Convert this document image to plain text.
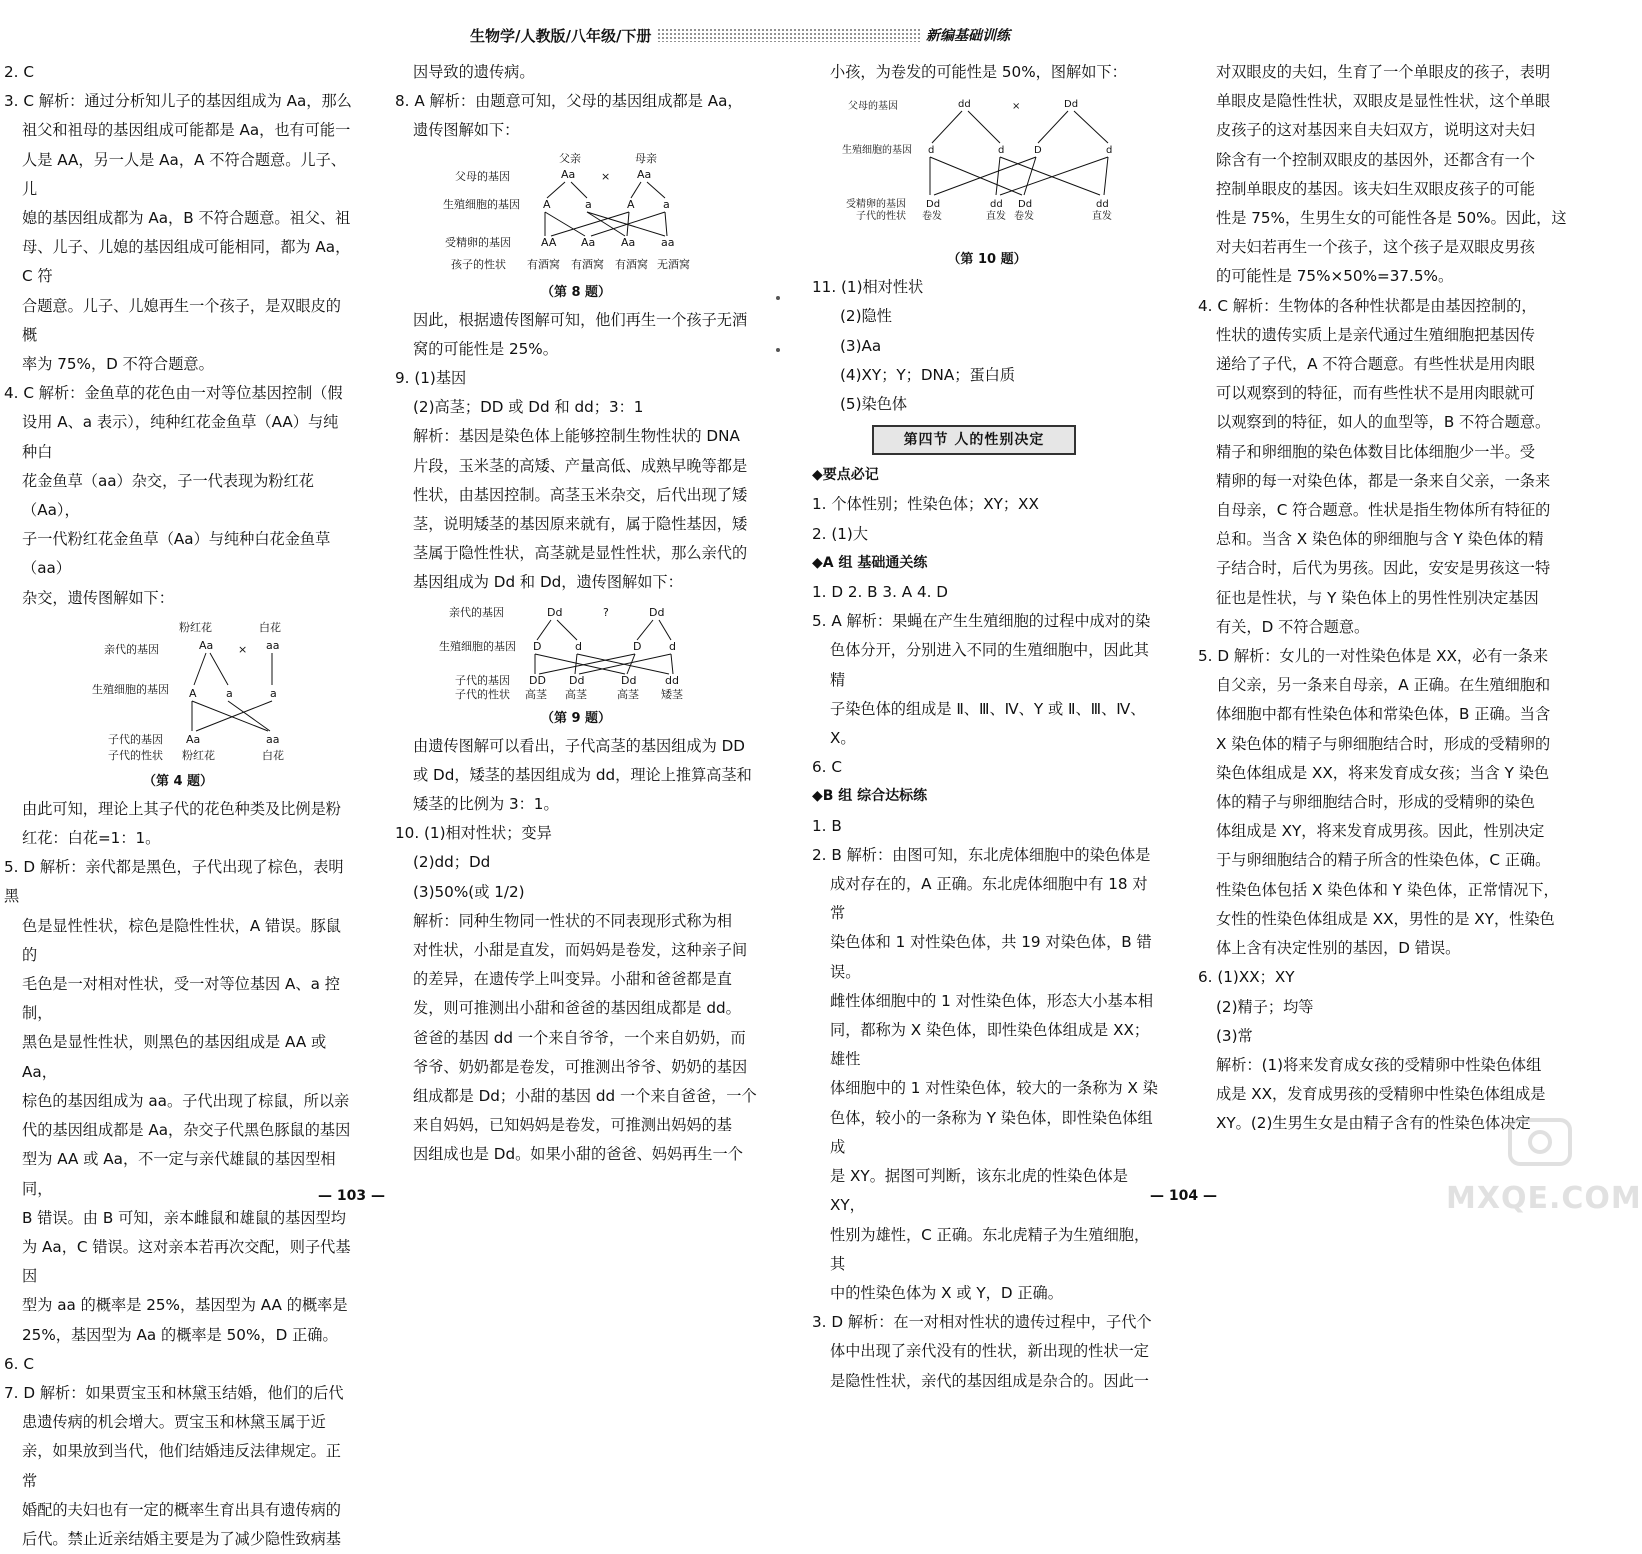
生物学/人教版/八年级/下册	新编基础训练

2. C

3. C 解析：通过分析知儿子的基因组成为 Aa，那么

祖父和祖母的基因组成可能都是 Aa，也有可能一

人是 AA，另一人是 Aa，A 不符合题意。儿子、儿

媳的基因组成都为 Aa，B 不符合题意。祖父、祖

母、儿子、儿媳的基因组成可能相同，都为 Aa，C 符

合题意。儿子、儿媳再生一个孩子，是双眼皮的概

率为 75%，D 不符合题意。

4. C 解析：金鱼草的花色由一对等位基因控制（假

设用 A、a 表示），纯种红花金鱼草（AA）与纯种白

花金鱼草（aa）杂交，子一代表现为粉红花（Aa），

子一代粉红花金鱼草（Aa）与纯种白花金鱼草（aa）

杂交，遗传图解如下：

粉红花	白花
亲代的基因	Aa × aa
生殖细胞的基因 A	a	a
子代的基因
子代的性状
Aa	aa
粉红花	白花
（第 4 题）

由此可知，理论上其子代的花色种类及比例是粉

红花：白花=1：1。

5. D 解析：亲代都是黑色，子代出现了棕色，表明黑

色是显性性状，棕色是隐性性状，A 错误。豚鼠的

毛色是一对相对性状，受一对等位基因 A、a 控制，

黑色是显性性状，则黑色的基因组成是 AA 或 Aa，

棕色的基因组成为 aa。子代出现了棕鼠，所以亲

代的基因组成都是 Aa，杂交子代黑色豚鼠的基因

型为 AA 或 Aa，不一定与亲代雄鼠的基因型相同，

B 错误。由 B 可知，亲本雌鼠和雄鼠的基因型均

为 Aa，C 错误。这对亲本若再次交配，则子代基因

型为 aa 的概率是 25%，基因型为 AA 的概率是

25%，基因型为 Aa 的概率是 50%，D 正确。

6. C

7. D 解析：如果贾宝玉和林黛玉结婚，他们的后代

患遗传病的机会增大。贾宝玉和林黛玉属于近

亲，如果放到当代，他们结婚违反法律规定。正常

婚配的夫妇也有一定的概率生育出具有遗传病的

后代。禁止近亲结婚主要是为了减少隐性致病基

因导致的遗传病。

8. A 解析：由题意可知，父母的基因组成都是 Aa，

遗传图解如下：

父亲	母亲
父母的基因	Aa × Aa
生殖细胞的基因 A	a	A	a
受精卵的基因	AA Aa Aa aa
孩子的性状 有酒窝 有酒窝 有酒窝 无酒窝
（第 8 题）

因此，根据遗传图解可知，他们再生一个孩子无酒

窝的可能性是 25%。

9. (1)基因

(2)高茎；DD 或 Dd 和 dd；3：1

解析：基因是染色体上能够控制生物性状的 DNA

片段，玉米茎的高矮、产量高低、成熟早晚等都是

性状，由基因控制。高茎玉米杂交，后代出现了矮

茎，说明矮茎的基因原来就有，属于隐性基因，矮

茎属于隐性性状，高茎就是显性性状，那么亲代的

基因组成为 Dd 和 Dd，遗传图解如下：

亲代的基因	Dd	?	Dd
生殖细胞的基因 D	d	D	d
子代的基因
子代的性状
DD Dd	Dd	dd
高茎 高茎	高茎 矮茎
（第 9 题）

由遗传图解可以看出，子代高茎的基因组成为 DD

或 Dd，矮茎的基因组成为 dd，理论上推算高茎和

矮茎的比例为 3：1。

10. (1)相对性状；变异

(2)dd；Dd

(3)50%(或 1/2)

解析：同种生物同一性状的不同表现形式称为相

对性状，小甜是直发，而妈妈是卷发，这种亲子间

的差异，在遗传学上叫变异。小甜和爸爸都是直

发，则可推测出小甜和爸爸的基因组成都是 dd。

爸爸的基因 dd 一个来自爷爷，一个来自奶奶，而

爷爷、奶奶都是卷发，可推测出爷爷、奶奶的基因

组成都是 Dd；小甜的基因 dd 一个来自爸爸，一个

来自妈妈，已知妈妈是卷发，可推测出妈妈的基

因组成也是 Dd。如果小甜的爸爸、妈妈再生一个

小孩，为卷发的可能性是 50%，图解如下：

父母的基因	dd	×	Dd
生殖细胞的基因 d	d	D	d
受精卵的基因
子代的性状
Dd	dd Dd	dd
卷发	直发 卷发	直发
（第 10 题）

11. (1)相对性状

(2)隐性

(3)Aa

(4)XY；Y；DNA；蛋白质

(5)染色体

第四节 人的性别决定

◆要点必记

1. 个体性别；性染色体；XY；XX

2. (1)大

◆A 组 基础通关练

1. D 2. B 3. A 4. D

5. A 解析：果蝇在产生生殖细胞的过程中成对的染

色体分开，分别进入不同的生殖细胞中，因此其精

子染色体的组成是 Ⅱ、Ⅲ、Ⅳ、Y 或 Ⅱ、Ⅲ、Ⅳ、X。

6. C

◆B 组 综合达标练

1. B

2. B 解析：由图可知，东北虎体细胞中的染色体是

成对存在的，A 正确。东北虎体细胞中有 18 对常

染色体和 1 对性染色体，共 19 对染色体，B 错误。

雌性体细胞中的 1 对性染色体，形态大小基本相

同，都称为 X 染色体，即性染色体组成是 XX；雄性

体细胞中的 1 对性染色体，较大的一条称为 X 染

色体，较小的一条称为 Y 染色体，即性染色体组成

是 XY。据图可判断，该东北虎的性染色体是 XY，

性别为雄性，C 正确。东北虎精子为生殖细胞，其

中的性染色体为 X 或 Y，D 正确。

3. D 解析：在一对相对性状的遗传过程中，子代个

体中出现了亲代没有的性状，新出现的性状一定

是隐性性状，亲代的基因组成是杂合的。因此一

对双眼皮的夫妇，生育了一个单眼皮的孩子，表明

单眼皮是隐性性状，双眼皮是显性性状，这个单眼

皮孩子的这对基因来自夫妇双方，说明这对夫妇

除含有一个控制双眼皮的基因外，还都含有一个

控制单眼皮的基因。该夫妇生双眼皮孩子的可能

性是 75%，生男生女的可能性各是 50%。因此，这

对夫妇若再生一个孩子，这个孩子是双眼皮男孩

的可能性是 75%×50%=37.5%。

4. C 解析：生物体的各种性状都是由基因控制的，

性状的遗传实质上是亲代通过生殖细胞把基因传

递给了子代，A 不符合题意。有些性状是用肉眼

可以观察到的特征，而有些性状不是用肉眼就可

以观察到的特征，如人的血型等，B 不符合题意。

精子和卵细胞的染色体数目比体细胞少一半。受

精卵的每一对染色体，都是一条来自父亲，一条来

自母亲，C 符合题意。性状是指生物体所有特征的

总和。当含 X 染色体的卵细胞与含 Y 染色体的精

子结合时，后代为男孩。因此，安安是男孩这一特

征也是性状，与 Y 染色体上的男性性别决定基因

有关，D 不符合题意。

5. D 解析：女儿的一对性染色体是 XX，必有一条来

自父亲，另一条来自母亲，A 正确。在生殖细胞和

体细胞中都有性染色体和常染色体，B 正确。当含

X 染色体的精子与卵细胞结合时，形成的受精卵的

染色体组成是 XX，将来发育成女孩；当含 Y 染色

体的精子与卵细胞结合时，形成的受精卵的染色

体组成是 XY，将来发育成男孩。因此，性别决定

于与卵细胞结合的精子所含的性染色体，C 正确。

性染色体包括 X 染色体和 Y 染色体，正常情况下，

女性的性染色体组成是 XX，男性的是 XY，性染色

体上含有决定性别的基因，D 错误。

6. (1)XX；XY

(2)精子；均等

(3)常

解析：(1)将来发育成女孩的受精卵中性染色体组

成是 XX，发育成男孩的受精卵中性染色体组成是

XY。(2)生男生女是由精子含有的性染色体决定

— 103 —	— 104 —	MXQE.COM
